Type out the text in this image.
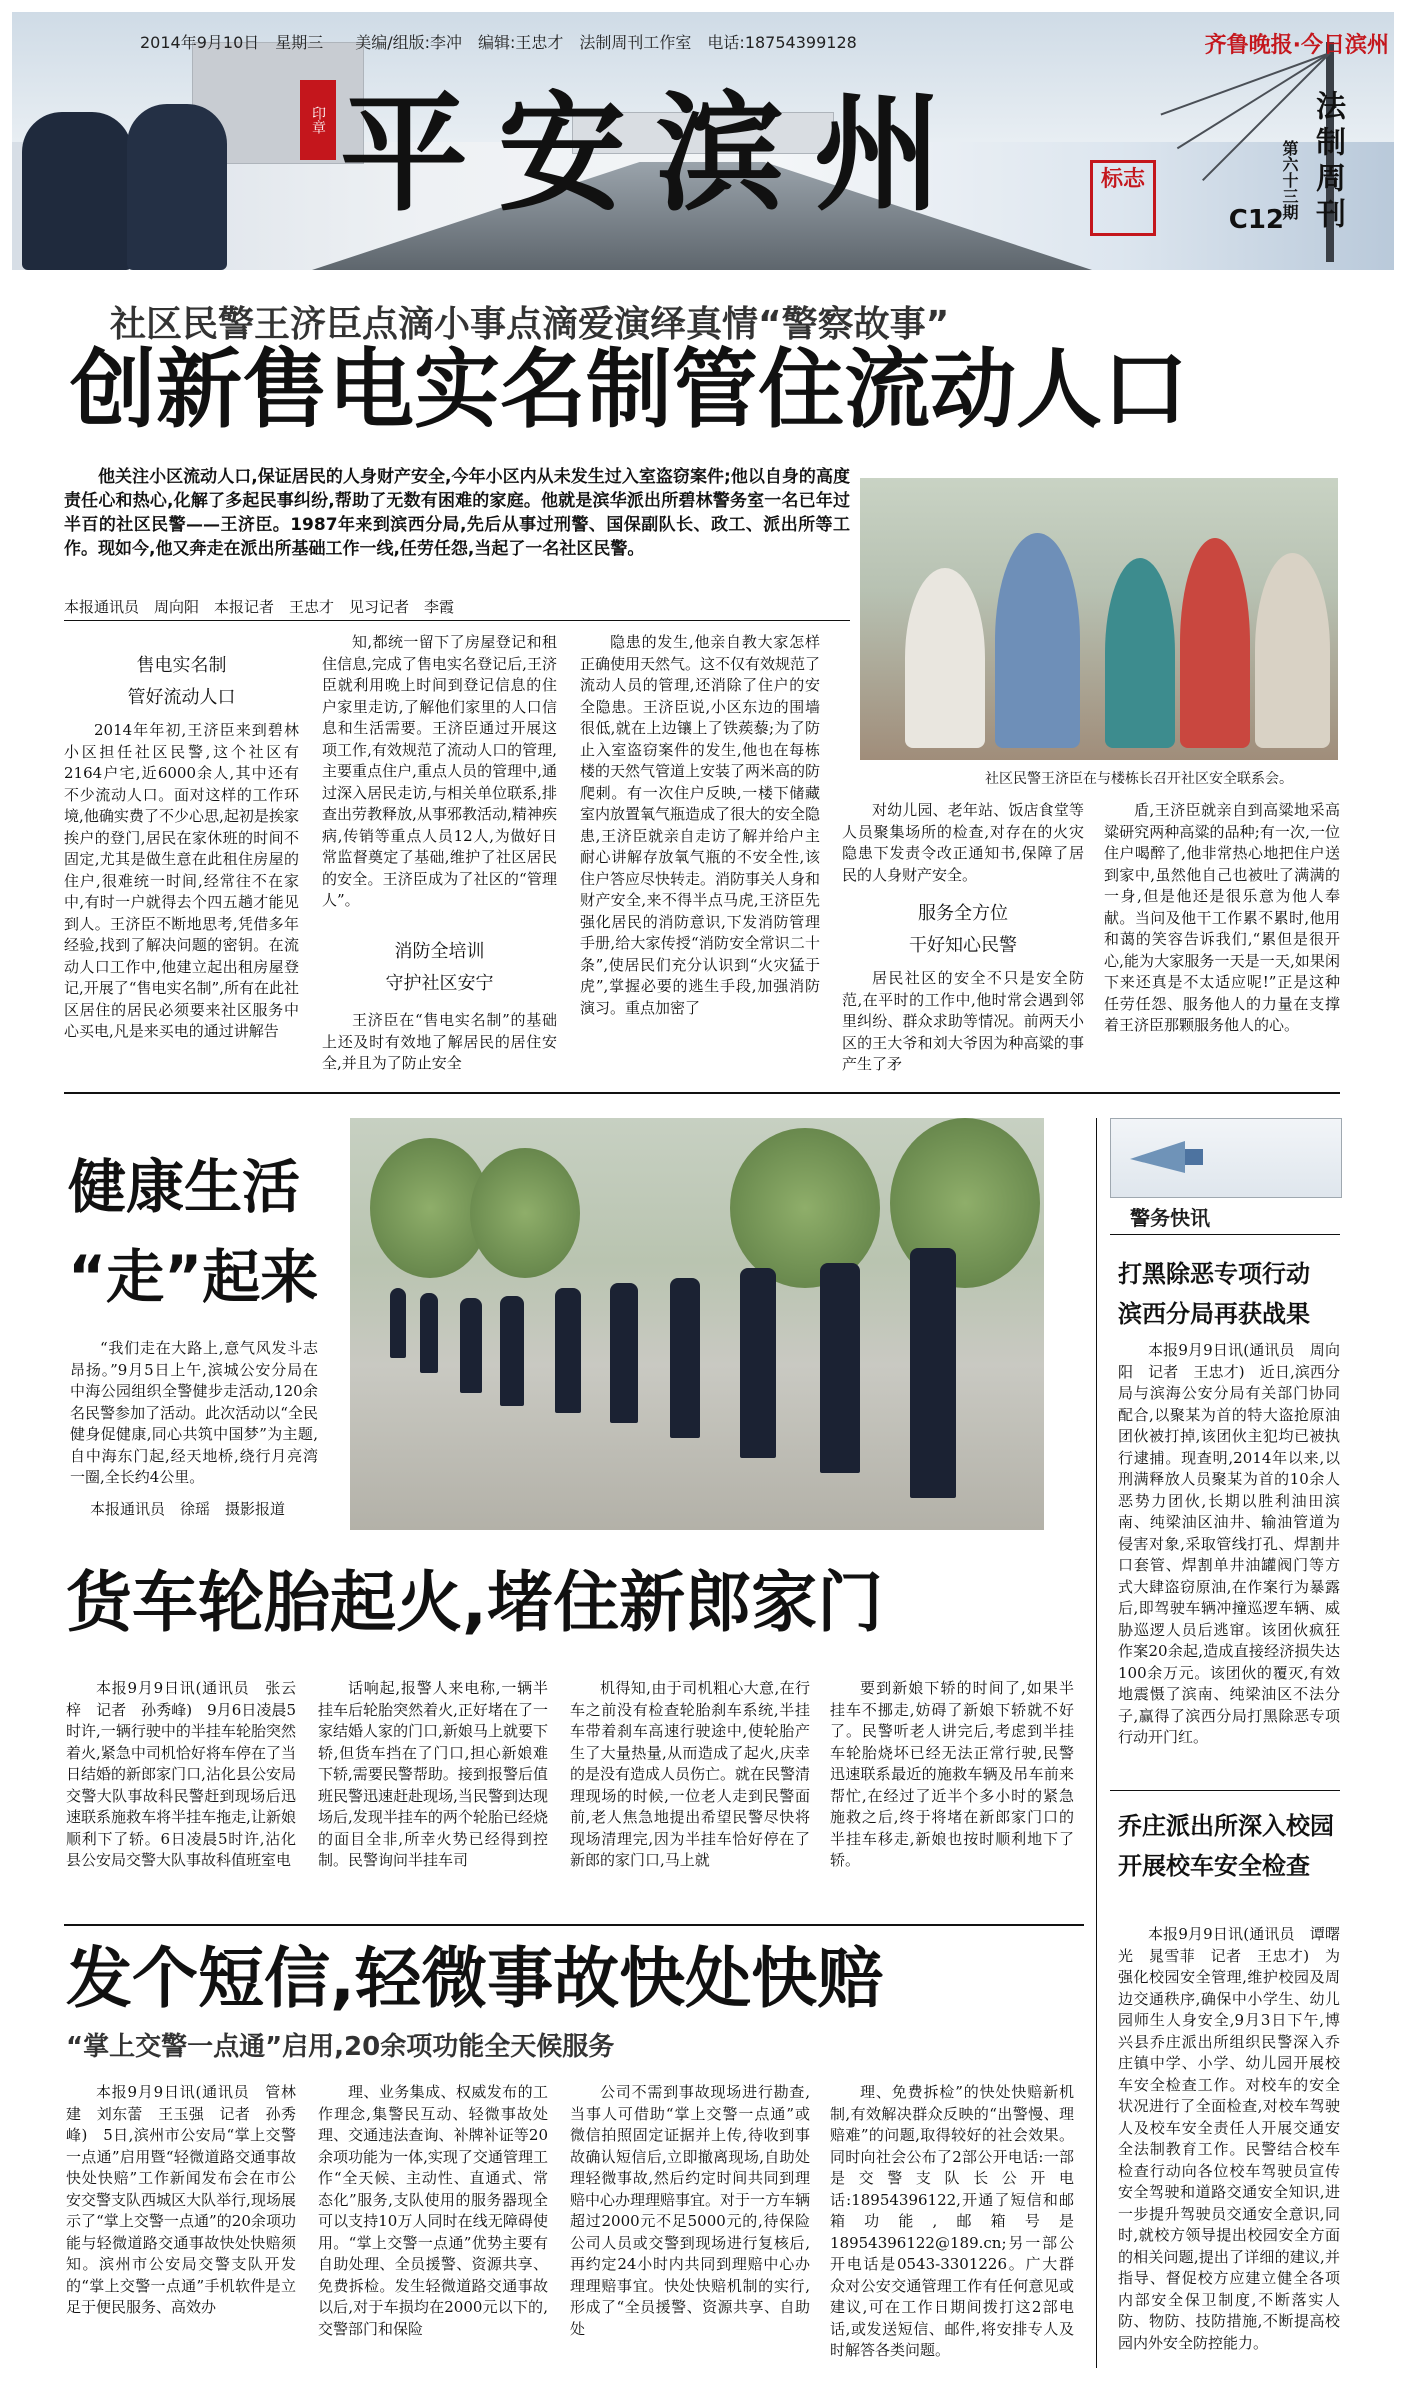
2014年9月10日　星期三　　美编/组版:李冲　编辑:王忠才　法制周刊工作室　电话:18754399128	齐鲁晚报·今日滨州
印章 平安滨州	标志	法制周刊
第六十三期
C12
社区民警王济臣点滴小事点滴爱演绎真情“警察故事”
创新售电实名制管住流动人口
他关注小区流动人口,保证居民的人身财产安全,今年小区内从未发生过入室盗窃案件;他以自身的高度责任心和热心,化解了多起民事纠纷,帮助了无数有困难的家庭。他就是滨华派出所碧林警务室一名已年过半百的社区民警——王济臣。1987年来到滨西分局,先后从事过刑警、国保副队长、政工、派出所等工作。现如今,他又奔走在派出所基础工作一线,任劳任怨,当起了一名社区民警。
本报通讯员　周向阳　本报记者　王忠才　见习记者　李霞
社区民警王济臣在与楼栋长召开社区安全联系会。
售电实名制
管好流动人口
2014年年初,王济臣来到碧林小区担任社区民警,这个社区有2164户宅,近6000余人,其中还有不少流动人口。面对这样的工作环境,他确实费了不少心思,起初是挨家挨户的登门,居民在家休班的时间不固定,尤其是做生意在此租住房屋的住户,很难统一时间,经常往不在家中,有时一户就得去个四五趟才能见到人。王济臣不断地思考,凭借多年经验,找到了解决问题的密钥。在流动人口工作中,他建立起出租房屋登记,开展了“售电实名制”,所有在此社区居住的居民必须要来社区服务中心买电,凡是来买电的通过讲解告
知,都统一留下了房屋登记和租住信息,完成了售电实名登记后,王济臣就利用晚上时间到登记信息的住户家里走访,了解他们家里的人口信息和生活需要。王济臣通过开展这项工作,有效规范了流动人口的管理,主要重点住户,重点人员的管理中,通过深入居民走访,与相关单位联系,排查出劳教释放,从事邪教活动,精神疾病,传销等重点人员12人,为做好日常监督奠定了基础,维护了社区居民的安全。王济臣成为了社区的“管理人”。
消防全培训
守护社区安宁
王济臣在“售电实名制”的基础上还及时有效地了解居民的居住安全,并且为了防止安全
隐患的发生,他亲自教大家怎样正确使用天然气。这不仅有效规范了流动人员的管理,还消除了住户的安全隐患。王济臣说,小区东边的围墙很低,就在上边镶上了铁蒺藜;为了防止入室盗窃案件的发生,他也在每栋楼的天然气管道上安装了两米高的防爬刺。有一次住户反映,一楼下储藏室内放置氧气瓶造成了很大的安全隐患,王济臣就亲自走访了解并给户主耐心讲解存放氧气瓶的不安全性,该住户答应尽快转走。消防事关人身和财产安全,来不得半点马虎,王济臣先强化居民的消防意识,下发消防管理手册,给大家传授“消防安全常识二十条”,使居民们充分认识到“火灾猛于虎”,掌握必要的逃生手段,加强消防演习。重点加密了
对幼儿园、老年站、饭店食堂等人员聚集场所的检查,对存在的火灾隐患下发责令改正通知书,保障了居民的人身财产安全。
服务全方位
干好知心民警
居民社区的安全不只是安全防范,在平时的工作中,他时常会遇到邻里纠纷、群众求助等情况。前两天小区的王大爷和刘大爷因为种高粱的事产生了矛
盾,王济臣就亲自到高粱地采高粱研究两种高粱的品种;有一次,一位住户喝醉了,他非常热心地把住户送到家中,虽然他自己也被吐了满满的一身,但是他还是很乐意为他人奉献。当问及他干工作累不累时,他用和蔼的笑容告诉我们,“累但是很开心,能为大家服务一天是一天,如果闲下来还真是不太适应呢!”正是这种任劳任怨、服务他人的力量在支撑着王济臣那颗服务他人的心。
健康生活
“走”起来
“我们走在大路上,意气风发斗志昂扬。”9月5日上午,滨城公安分局在中海公园组织全警健步走活动,120余名民警参加了活动。此次活动以“全民健身促健康,同心共筑中国梦”为主题,自中海东门起,经天地桥,绕行月亮湾一圈,全长约4公里。
本报通讯员　徐瑶　摄影报道
警务快讯
打黑除恶专项行动
滨西分局再获战果
本报9月9日讯(通讯员　周向阳　记者　王忠才)　近日,滨西分局与滨海公安分局有关部门协同配合,以聚某为首的特大盗抢原油团伙被打掉,该团伙主犯均已被执行逮捕。现查明,2014年以来,以刑满释放人员聚某为首的10余人恶势力团伙,长期以胜利油田滨南、纯梁油区油井、输油管道为侵害对象,采取管线打孔、焊割井口套管、焊割单井油罐阀门等方式大肆盗窃原油,在作案行为暴露后,即驾驶车辆冲撞巡逻车辆、威胁巡逻人员后逃窜。该团伙疯狂作案20余起,造成直接经济损失达100余万元。该团伙的覆灭,有效地震慑了滨南、纯梁油区不法分子,赢得了滨西分局打黑除恶专项行动开门红。
乔庄派出所深入校园
开展校车安全检查
本报9月9日讯(通讯员　谭曙光　晁雪菲　记者　王忠才)　为强化校园安全管理,维护校园及周边交通秩序,确保中小学生、幼儿园师生人身安全,9月3日下午,博兴县乔庄派出所组织民警深入乔庄镇中学、小学、幼儿园开展校车安全检查工作。对校车的安全状况进行了全面检查,对校车驾驶人及校车安全责任人开展交通安全法制教育工作。民警结合校车检查行动向各位校车驾驶员宣传安全驾驶和道路交通安全知识,进一步提升驾驶员交通安全意识,同时,就校方领导提出校园安全方面的相关问题,提出了详细的建议,并指导、督促校方应建立健全各项内部安全保卫制度,不断落实人防、物防、技防措施,不断提高校园内外安全防控能力。
货车轮胎起火,堵住新郎家门
本报9月9日讯(通讯员　张云梓　记者　孙秀峰)　9月6日凌晨5时许,一辆行驶中的半挂车轮胎突然着火,紧急中司机恰好将车停在了当日结婚的新郎家门口,沾化县公安局交警大队事故科民警赶到现场后迅速联系施救车将半挂车拖走,让新娘顺利下了轿。6日凌晨5时许,沾化县公安局交警大队事故科值班室电
话响起,报警人来电称,一辆半挂车后轮胎突然着火,正好堵在了一家结婚人家的门口,新娘马上就要下轿,但货车挡在了门口,担心新娘难下轿,需要民警帮助。接到报警后值班民警迅速赶赴现场,当民警到达现场后,发现半挂车的两个轮胎已经烧的面目全非,所幸火势已经得到控制。民警询问半挂车司
机得知,由于司机粗心大意,在行车之前没有检查轮胎刹车系统,半挂车带着刹车高速行驶途中,使轮胎产生了大量热量,从而造成了起火,庆幸的是没有造成人员伤亡。就在民警清理现场的时候,一位老人走到民警面前,老人焦急地提出希望民警尽快将现场清理完,因为半挂车恰好停在了新郎的家门口,马上就
要到新娘下轿的时间了,如果半挂车不挪走,妨碍了新娘下轿就不好了。民警听老人讲完后,考虑到半挂车轮胎烧坏已经无法正常行驶,民警迅速联系最近的施救车辆及吊车前来帮忙,在经过了近半个多小时的紧急施救之后,终于将堵在新郎家门口的半挂车移走,新娘也按时顺利地下了轿。
发个短信,轻微事故快处快赔
“掌上交警一点通”启用,20余项功能全天候服务
本报9月9日讯(通讯员　管林建　刘东蕾　王玉强　记者　孙秀峰)　5日,滨州市公安局“掌上交警一点通”启用暨“轻微道路交通事故快处快赔”工作新闻发布会在市公安交警支队西城区大队举行,现场展示了“掌上交警一点通”的20余项功能与轻微道路交通事故快处快赔须知。滨州市公安局交警支队开发的“掌上交警一点通”手机软件是立足于便民服务、高效办
理、业务集成、权威发布的工作理念,集警民互动、轻微事故处理、交通违法查询、补牌补证等20余项功能为一体,实现了交通管理工作“全天候、主动性、直通式、常态化”服务,支队使用的服务器现全可以支持10万人同时在线无障碍使用。“掌上交警一点通”优势主要有自助处理、全员援警、资源共享、免费拆检。发生轻微道路交通事故以后,对于车损均在2000元以下的,交警部门和保险
公司不需到事故现场进行勘查,当事人可借助“掌上交警一点通”或微信拍照固定证据并上传,待收到事故确认短信后,立即撤离现场,自助处理轻微事故,然后约定时间共同到理赔中心办理理赔事宜。对于一方车辆超过2000元不足5000元的,待保险公司人员或交警到现场进行复核后,再约定24小时内共同到理赔中心办理理赔事宜。快处快赔机制的实行,形成了“全员援警、资源共享、自助处
理、免费拆检”的快处快赔新机制,有效解决群众反映的“出警慢、理赔难”的问题,取得较好的社会效果。同时向社会公布了2部公开电话:一部是交警支队长公开电话:18954396122,开通了短信和邮箱功能,邮箱号是18954396122@189.cn;另一部公开电话是0543-3301226。广大群众对公安交通管理工作有任何意见或建议,可在工作日期间拨打这2部电话,或发送短信、邮件,将安排专人及时解答各类问题。
